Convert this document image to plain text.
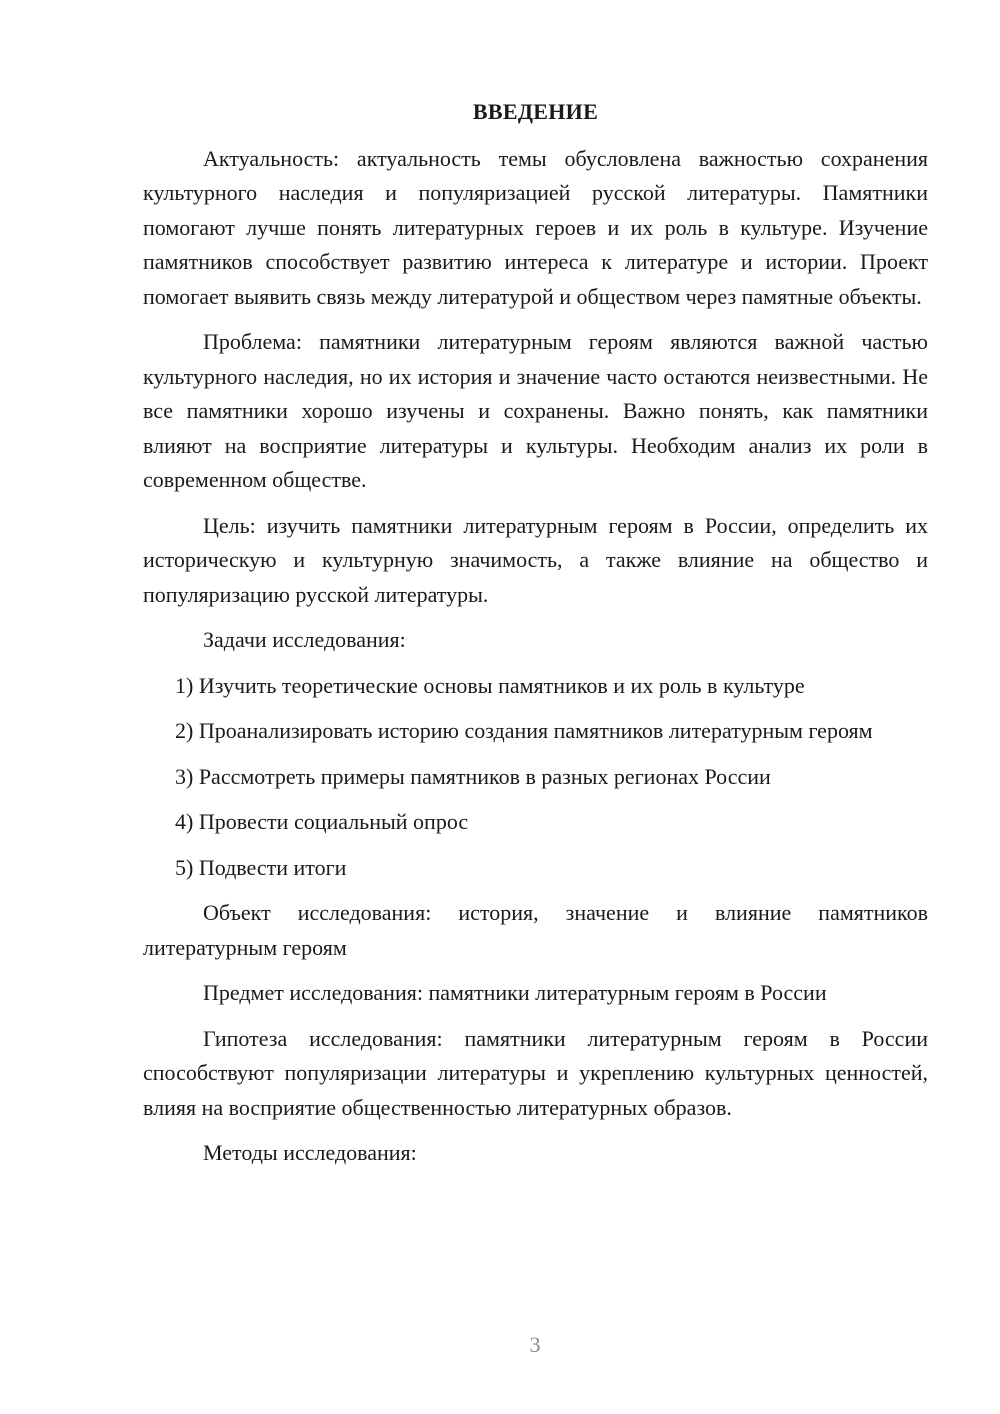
ВВЕДЕНИЕ

Актуальность: актуальность темы обусловлена важностью сохранения культурного наследия и популяризацией русской литературы. Памятники помогают лучше понять литературных героев и их роль в культуре. Изучение памятников способствует развитию интереса к литературе и истории. Проект помогает выявить связь между литературой и обществом через памятные объекты.

Проблема: памятники литературным героям являются важной частью культурного наследия, но их история и значение часто остаются неизвестными. Не все памятники хорошо изучены и сохранены. Важно понять, как памятники влияют на восприятие литературы и культуры. Необходим анализ их роли в современном обществе.

Цель: изучить памятники литературным героям в России, определить их историческую и культурную значимость, а также влияние на общество и популяризацию русской литературы.

Задачи исследования:

1) Изучить теоретические основы памятников и их роль в культуре

2) Проанализировать историю создания памятников литературным героям

3) Рассмотреть примеры памятников в разных регионах России

4) Провести социальный опрос

5) Подвести итоги

Объект исследования: история, значение и влияние памятников литературным героям

Предмет исследования: памятники литературным героям в России

Гипотеза исследования: памятники литературным героям в России способствуют популяризации литературы и укреплению культурных ценностей, влияя на восприятие общественностью литературных образов.

Методы исследования:

3
